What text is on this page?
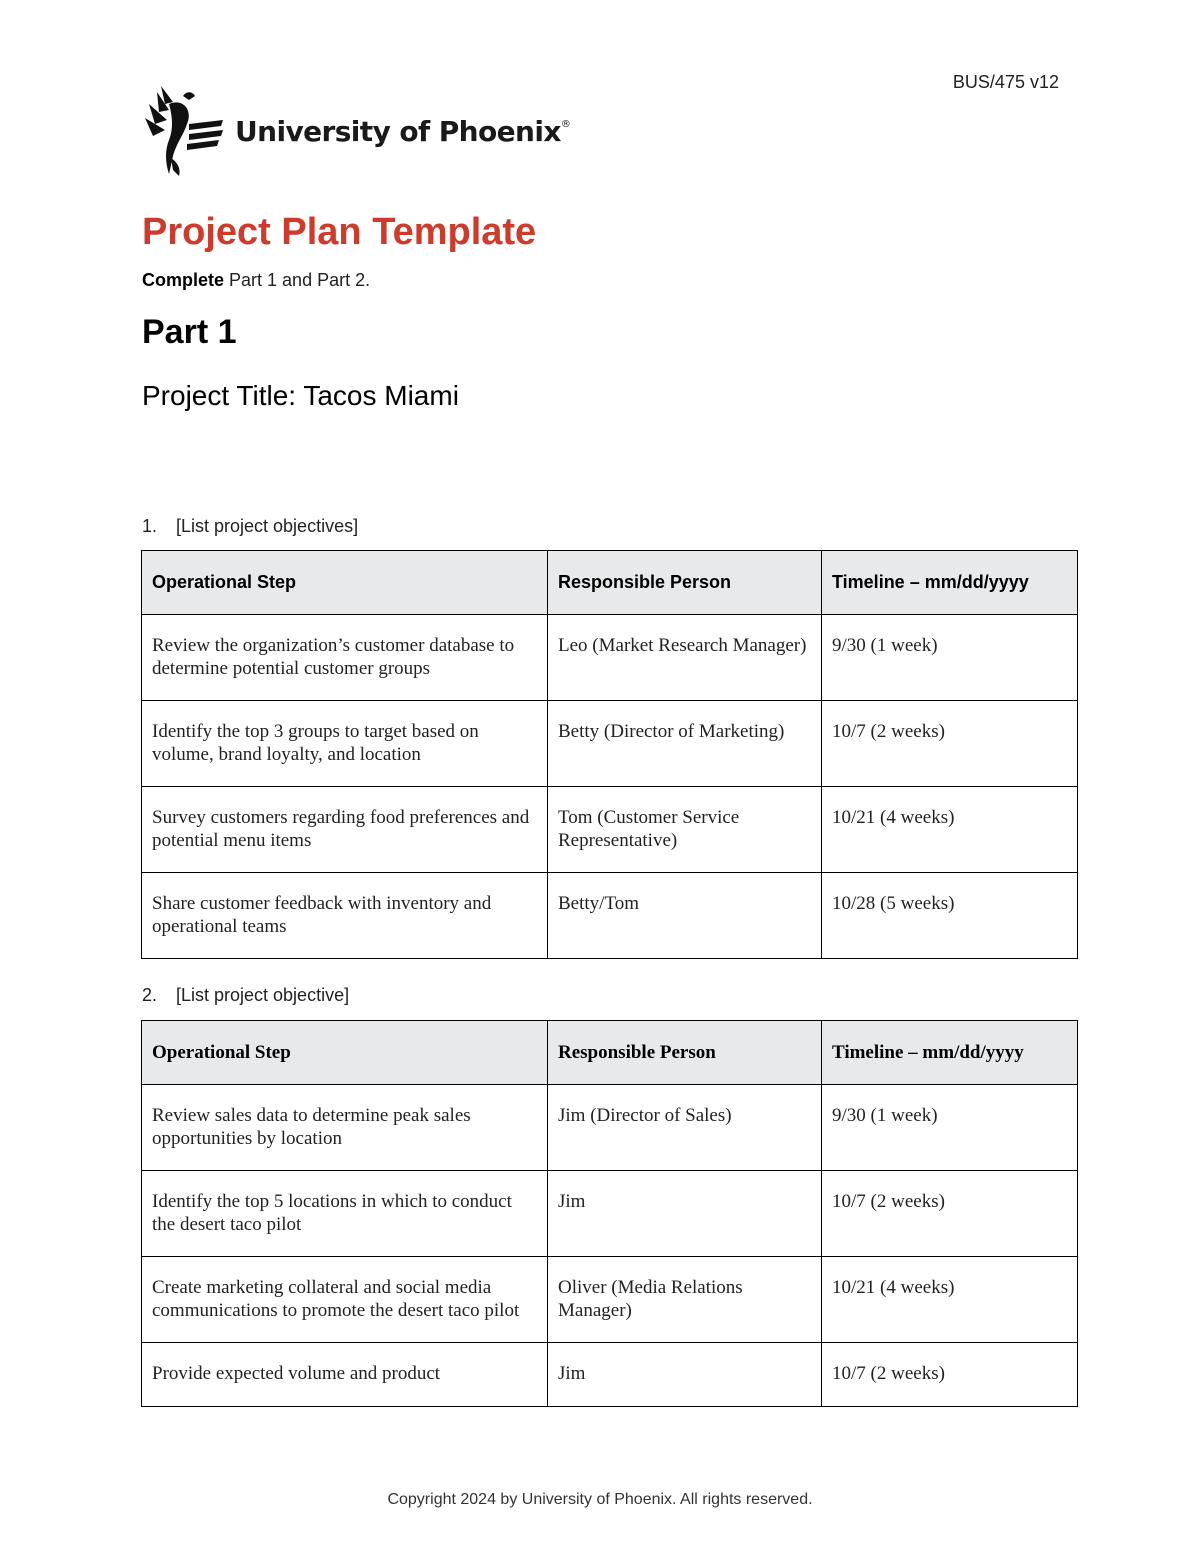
BUS/475 v12
University of Phoenix®
Project Plan Template
Complete Part 1 and Part 2.
Part 1
Project Title: Tacos Miami
1. [List project objectives]
Operational Step	Responsible Person	Timeline – mm/dd/yyyy
Review the organization’s customer database to determine potential customer groups	Leo (Market Research Manager)	9/30 (1 week)
Identify the top 3 groups to target based on volume, brand loyalty, and location	Betty (Director of Marketing)	10/7 (2 weeks)
Survey customers regarding food preferences and potential menu items	Tom (Customer Service Representative)	10/21 (4 weeks)
Share customer feedback with inventory and operational teams	Betty/Tom	10/28 (5 weeks)
2. [List project objective]
Operational Step	Responsible Person	Timeline – mm/dd/yyyy
Review sales data to determine peak sales opportunities by location	Jim (Director of Sales)	9/30 (1 week)
Identify the top 5 locations in which to conduct the desert taco pilot	Jim	10/7 (2 weeks)
Create marketing collateral and social media communications to promote the desert taco pilot	Oliver (Media Relations Manager)	10/21 (4 weeks)
Provide expected volume and product	Jim	10/7 (2 weeks)
Copyright 2024 by University of Phoenix. All rights reserved.
